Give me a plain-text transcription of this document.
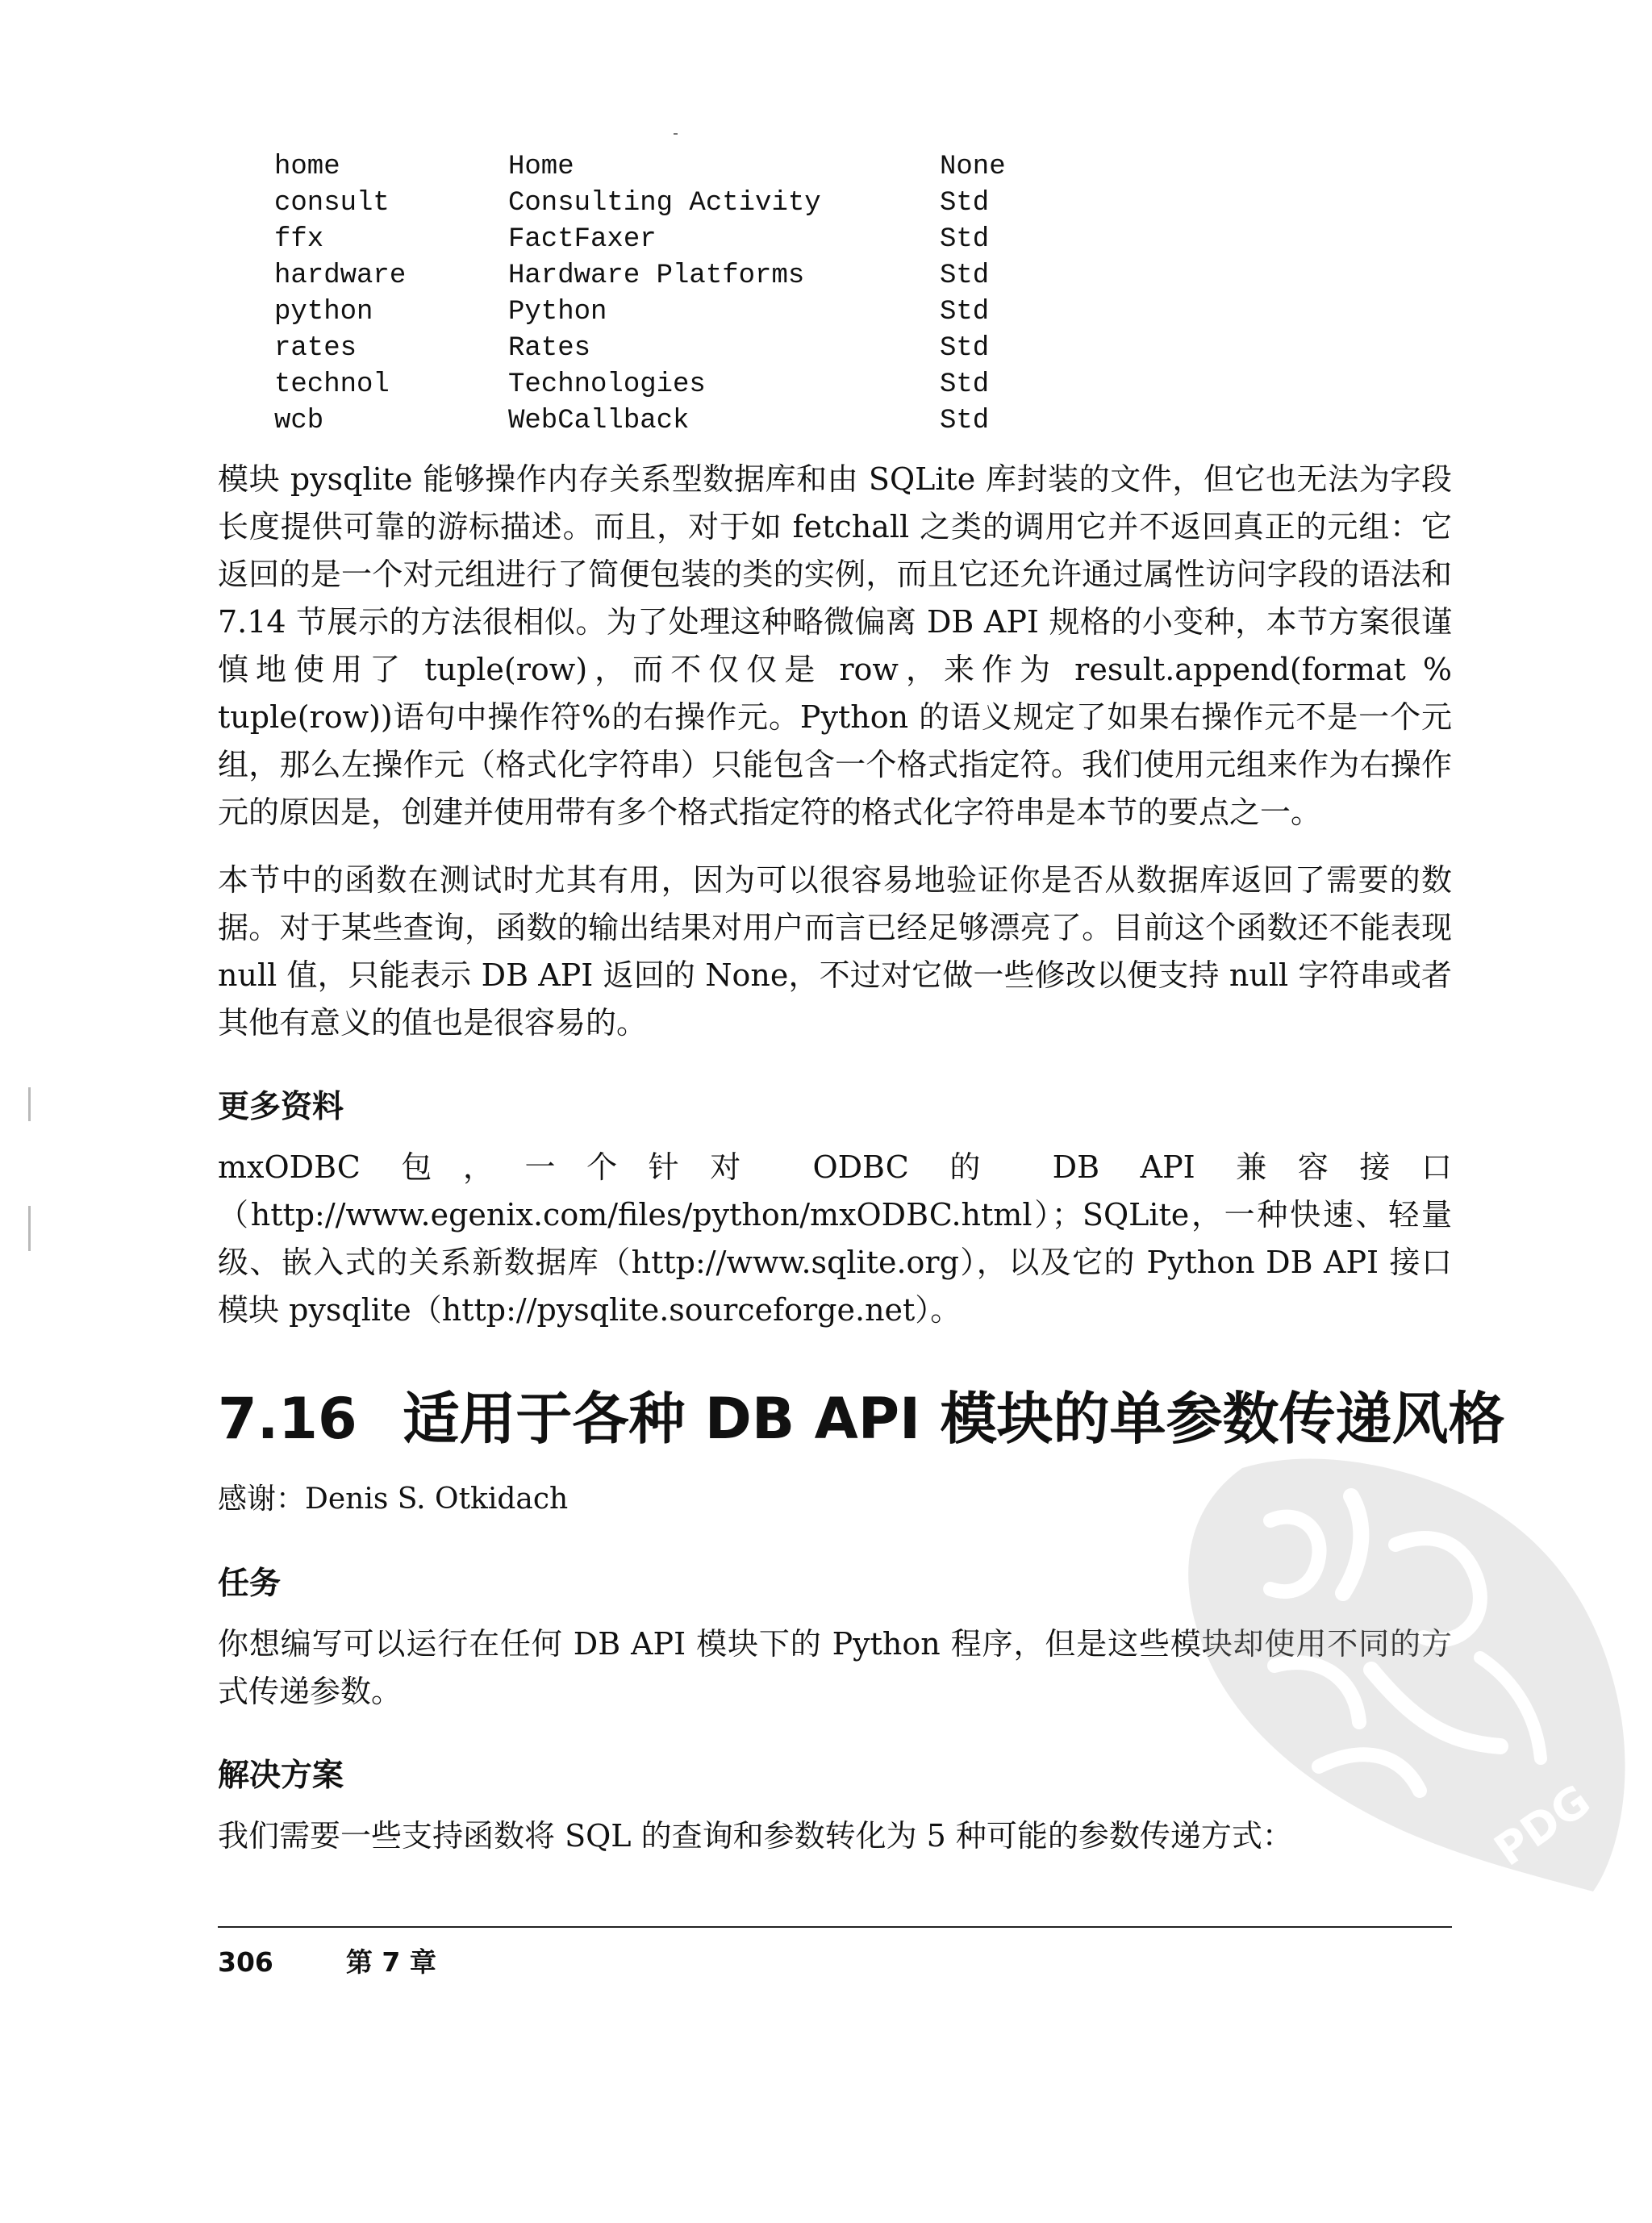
home	Home	None
consult	Consulting Activity	Std
ffx	FactFaxer	Std
hardware	Hardware Platforms	Std
python	Python	Std
rates	Rates	Std
technol	Technologies	Std
wcb	WebCallback	Std

模块 pysqlite 能够操作内存关系型数据库和由 SQLite 库封装的文件，但它也无法为字段长度提供可靠的游标描述。而且，对于如 fetchall 之类的调用它并不返回真正的元组：它返回的是一个对元组进行了简便包装的类的实例，而且它还允许通过属性访问字段的语法和 7.14 节展示的方法很相似。为了处理这种略微偏离 DB API 规格的小变种，本节方案很谨慎地使用了 tuple(row)，而不仅仅是 row，来作为 result.append(format % tuple(row))语句中操作符%的右操作元。Python 的语义规定了如果右操作元不是一个元组，那么左操作元（格式化字符串）只能包含一个格式指定符。我们使用元组来作为右操作元的原因是，创建并使用带有多个格式指定符的格式化字符串是本节的要点之一。

本节中的函数在测试时尤其有用，因为可以很容易地验证你是否从数据库返回了需要的数据。对于某些查询，函数的输出结果对用户而言已经足够漂亮了。目前这个函数还不能表现 null 值，只能表示 DB API 返回的 None，不过对它做一些修改以便支持 null 字符串或者其他有意义的值也是很容易的。

更多资料

mxODBC 包，一个针对 ODBC 的 DB API 兼容接口（http://www.egenix.com/files/python/mxODBC.html）；SQLite，一种快速、轻量级、嵌入式的关系新数据库（http://www.sqlite.org），以及它的 Python DB API 接口模块 pysqlite（http://pysqlite.sourceforge.net）。

7.16 适用于各种 DB API 模块的单参数传递风格

感谢：Denis S. Otkidach

任务

你想编写可以运行在任何 DB API 模块下的 Python 程序，但是这些模块却使用不同的方式传递参数。

解决方案

我们需要一些支持函数将 SQL 的查询和参数转化为 5 种可能的参数传递方式：	PDG
306	第 7 章
